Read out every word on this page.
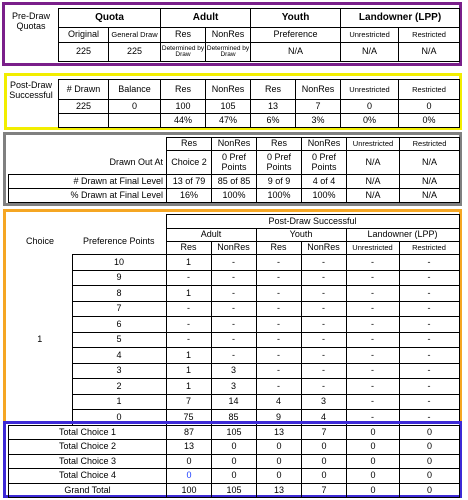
Pre-Draw Quotas
Quota		Adult		Youth	Landowner (LPP)	
Original	General Draw	Res	NonRes	Preference	Unrestricted	Restricted
225	225	Determined by Draw	Determined by Draw	N/A	N/A	N/A
Post-Draw Successful
# Drawn	Balance	Res	NonRes	Res	NonRes	Unrestricted	Restricted
225	0	100	105	13	7	0	0
		44%	47%	6%	3%	0%	0%
	Res	NonRes	Res	NonRes	Unrestricted	Restricted
Drawn Out At	Choice 2	0 Pref Points	0 Pref Points	0 Pref Points	N/A	N/A
# Drawn at Final Level	13 of 79	85 of 85	9 of 9	4 of 4	N/A	N/A
% Drawn at Final Level	16%	100%	100%	100%	N/A	N/A
		Post-Draw Successful					
Choice	Preference Points	Adult		Youth		Landowner (LPP)	
		Res	NonRes	Res	NonRes	Unrestricted	Restricted
1	10	1	-	-	-	-	-
	9	-	-	-	-	-	-
	8	1	-	-	-	-	-
	7	-	-	-	-	-	-
	6	-	-	-	-	-	-
	5	-	-	-	-	-	-
	4	1	-	-	-	-	-
	3	1	3	-	-	-	-
	2	1	3	-	-	-	-
	1	7	14	4	3	-	-
	0	75	85	9	4	-	-
Total Choice 1	87	105	13	7	0	0
Total Choice 2	13	0	0	0	0	0
Total Choice 3	0	0	0	0	0	0
Total Choice 4	0	0	0	0	0	0
Grand Total	100	105	13	7	0	0
